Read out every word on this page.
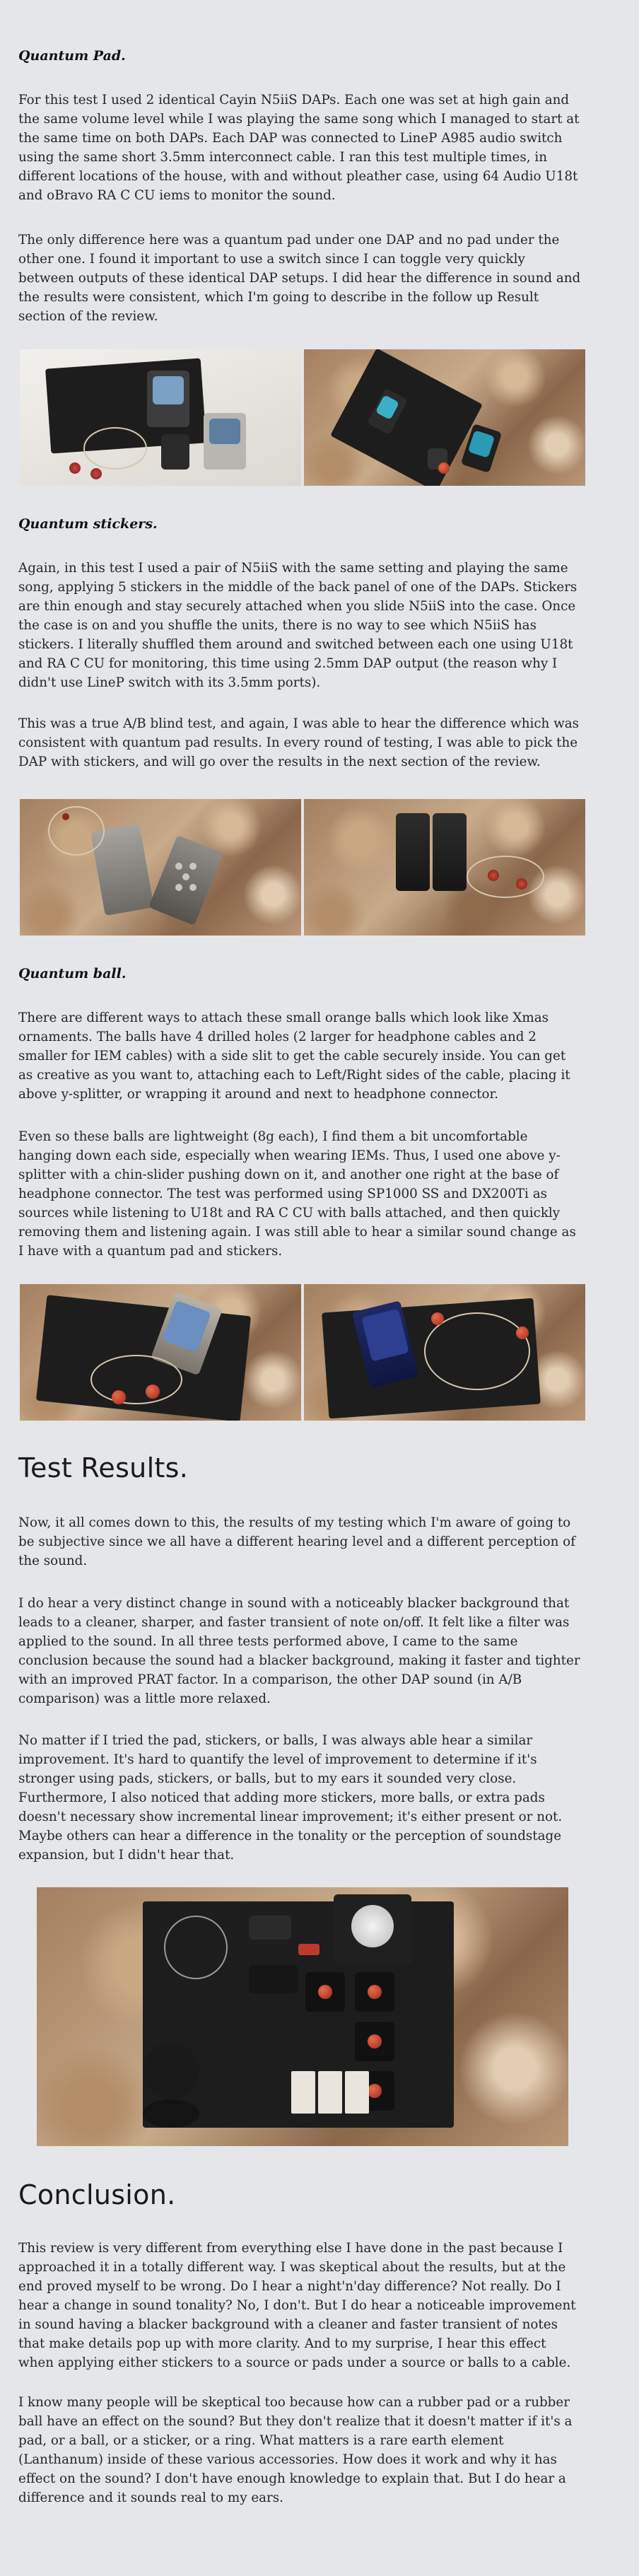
Quantum Pad.

For this test I used 2 identical Cayin N5iiS DAPs. Each one was set at high gain and the same volume level while I was playing the same song which I managed to start at the same time on both DAPs. Each DAP was connected to LineP A985 audio switch using the same short 3.5mm interconnect cable. I ran this test multiple times, in different locations of the house, with and without pleather case, using 64 Audio U18t and oBravo RA C CU iems to monitor the sound.

The only difference here was a quantum pad under one DAP and no pad under the other one. I found it important to use a switch since I can toggle very quickly between outputs of these identical DAP setups. I did hear the difference in sound and the results were consistent, which I'm going to describe in the follow up Result section of the review.

Quantum stickers.

Again, in this test I used a pair of N5iiS with the same setting and playing the same song, applying 5 stickers in the middle of the back panel of one of the DAPs. Stickers are thin enough and stay securely attached when you slide N5iiS into the case. Once the case is on and you shuffle the units, there is no way to see which N5iiS has stickers. I literally shuffled them around and switched between each one using U18t and RA C CU for monitoring, this time using 2.5mm DAP output (the reason why I didn't use LineP switch with its 3.5mm ports).

This was a true A/B blind test, and again, I was able to hear the difference which was consistent with quantum pad results. In every round of testing, I was able to pick the DAP with stickers, and will go over the results in the next section of the review.

Quantum ball.

There are different ways to attach these small orange balls which look like Xmas ornaments. The balls have 4 drilled holes (2 larger for headphone cables and 2 smaller for IEM cables) with a side slit to get the cable securely inside. You can get as creative as you want to, attaching each to Left/Right sides of the cable, placing it above y-splitter, or wrapping it around and next to headphone connector.

Even so these balls are lightweight (8g each), I find them a bit uncomfortable hanging down each side, especially when wearing IEMs. Thus, I used one above y-splitter with a chin-slider pushing down on it, and another one right at the base of headphone connector. The test was performed using SP1000 SS and DX200Ti as sources while listening to U18t and RA C CU with balls attached, and then quickly removing them and listening again. I was still able to hear a similar sound change as I have with a quantum pad and stickers.

Test Results.

Now, it all comes down to this, the results of my testing which I'm aware of going to be subjective since we all have a different hearing level and a different perception of the sound.

I do hear a very distinct change in sound with a noticeably blacker background that leads to a cleaner, sharper, and faster transient of note on/off. It felt like a filter was applied to the sound. In all three tests performed above, I came to the same conclusion because the sound had a blacker background, making it faster and tighter with an improved PRAT factor. In a comparison, the other DAP sound (in A/B comparison) was a little more relaxed.

No matter if I tried the pad, stickers, or balls, I was always able hear a similar improvement. It's hard to quantify the level of improvement to determine if it's stronger using pads, stickers, or balls, but to my ears it sounded very close. Furthermore, I also noticed that adding more stickers, more balls, or extra pads doesn't necessary show incremental linear improvement; it's either present or not. Maybe others can hear a difference in the tonality or the perception of soundstage expansion, but I didn't hear that.

Conclusion.

This review is very different from everything else I have done in the past because I approached it in a totally different way. I was skeptical about the results, but at the end proved myself to be wrong. Do I hear a night'n'day difference? Not really. Do I hear a change in sound tonality? No, I don't. But I do hear a noticeable improvement in sound having a blacker background with a cleaner and faster transient of notes that make details pop up with more clarity. And to my surprise, I hear this effect when applying either stickers to a source or pads under a source or balls to a cable.

I know many people will be skeptical too because how can a rubber pad or a rubber ball have an effect on the sound? But they don't realize that it doesn't matter if it's a pad, or a ball, or a sticker, or a ring. What matters is a rare earth element (Lanthanum) inside of these various accessories. How does it work and why it has effect on the sound? I don't have enough knowledge to explain that. But I do hear a difference and it sounds real to my ears.
